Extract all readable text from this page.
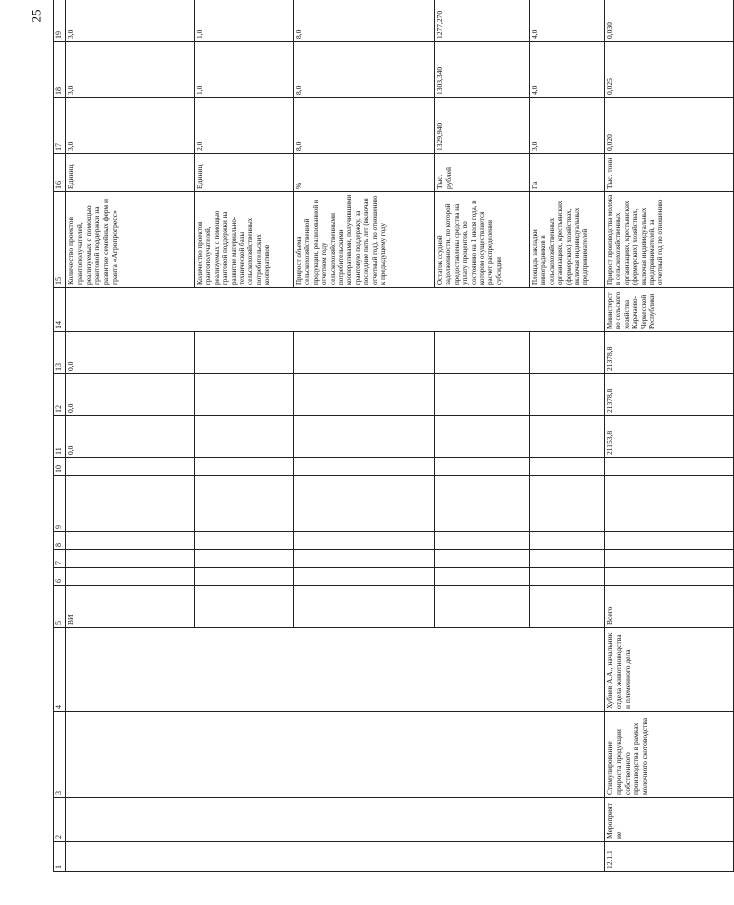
25
1	2	3	4	5	6	7	8	9	10	11	12	13	14	15	16	17	18	19
				ВИ						0,0	0,0	0,0		Количество проектов грантополучателей, реализуемых с помощью грантовой поддержки на развитие семейных ферм и гранта «Агропрогресс»	Единиц	3,0	3,0	3,0
														Количество проектов грантополучателей, реализуемых с помощью грантовой поддержки на развитие материально-технической базы сельскохозяйственных потребительских кооперативов	Единиц	2,0	1,0	1,0
														Прирост объема сельскохозяйственной продукции, реализованной в отчетном году сельскохозяйственными потребительскими кооперативами, получившими грантовую поддержку, за последние пять лет (включая отчетный год), по отношению к предыдущему году	%	8,0	8,0	8,0
														Остаток ссудной задолженности, по которой предоставлены средства на уплату процентов, по состоянию на 1 июля года, в котором осуществляется расчет распределения субсидии	Тыс. рублей	1329,940	1303,340	1277,270
														Площадь закладки виноградников в сельскохозяйственных организациях, крестьянских (фермерских) хозяйствах, включая индивидуальных предпринимателей	Га	3,0	4,0	4,0
12.1.1	Мероприятие	Стимулирование прироста продукции собственного производства в рамках молочного скотоводства	Хубиев А.А., начальник отдела животноводства и племенного дела	Всего						21153,8	21378,8	21378,8	Министерство сельского хозяйства Карачаево-Черкесской Республики	Прирост производства молока в сельскохозяйственных организациях, крестьянских (фермерских) хозяйствах, включая индивидуальных предпринимателей, за отчетный год по отношению	Тыс. тонн	0,020	0,025	0,030
